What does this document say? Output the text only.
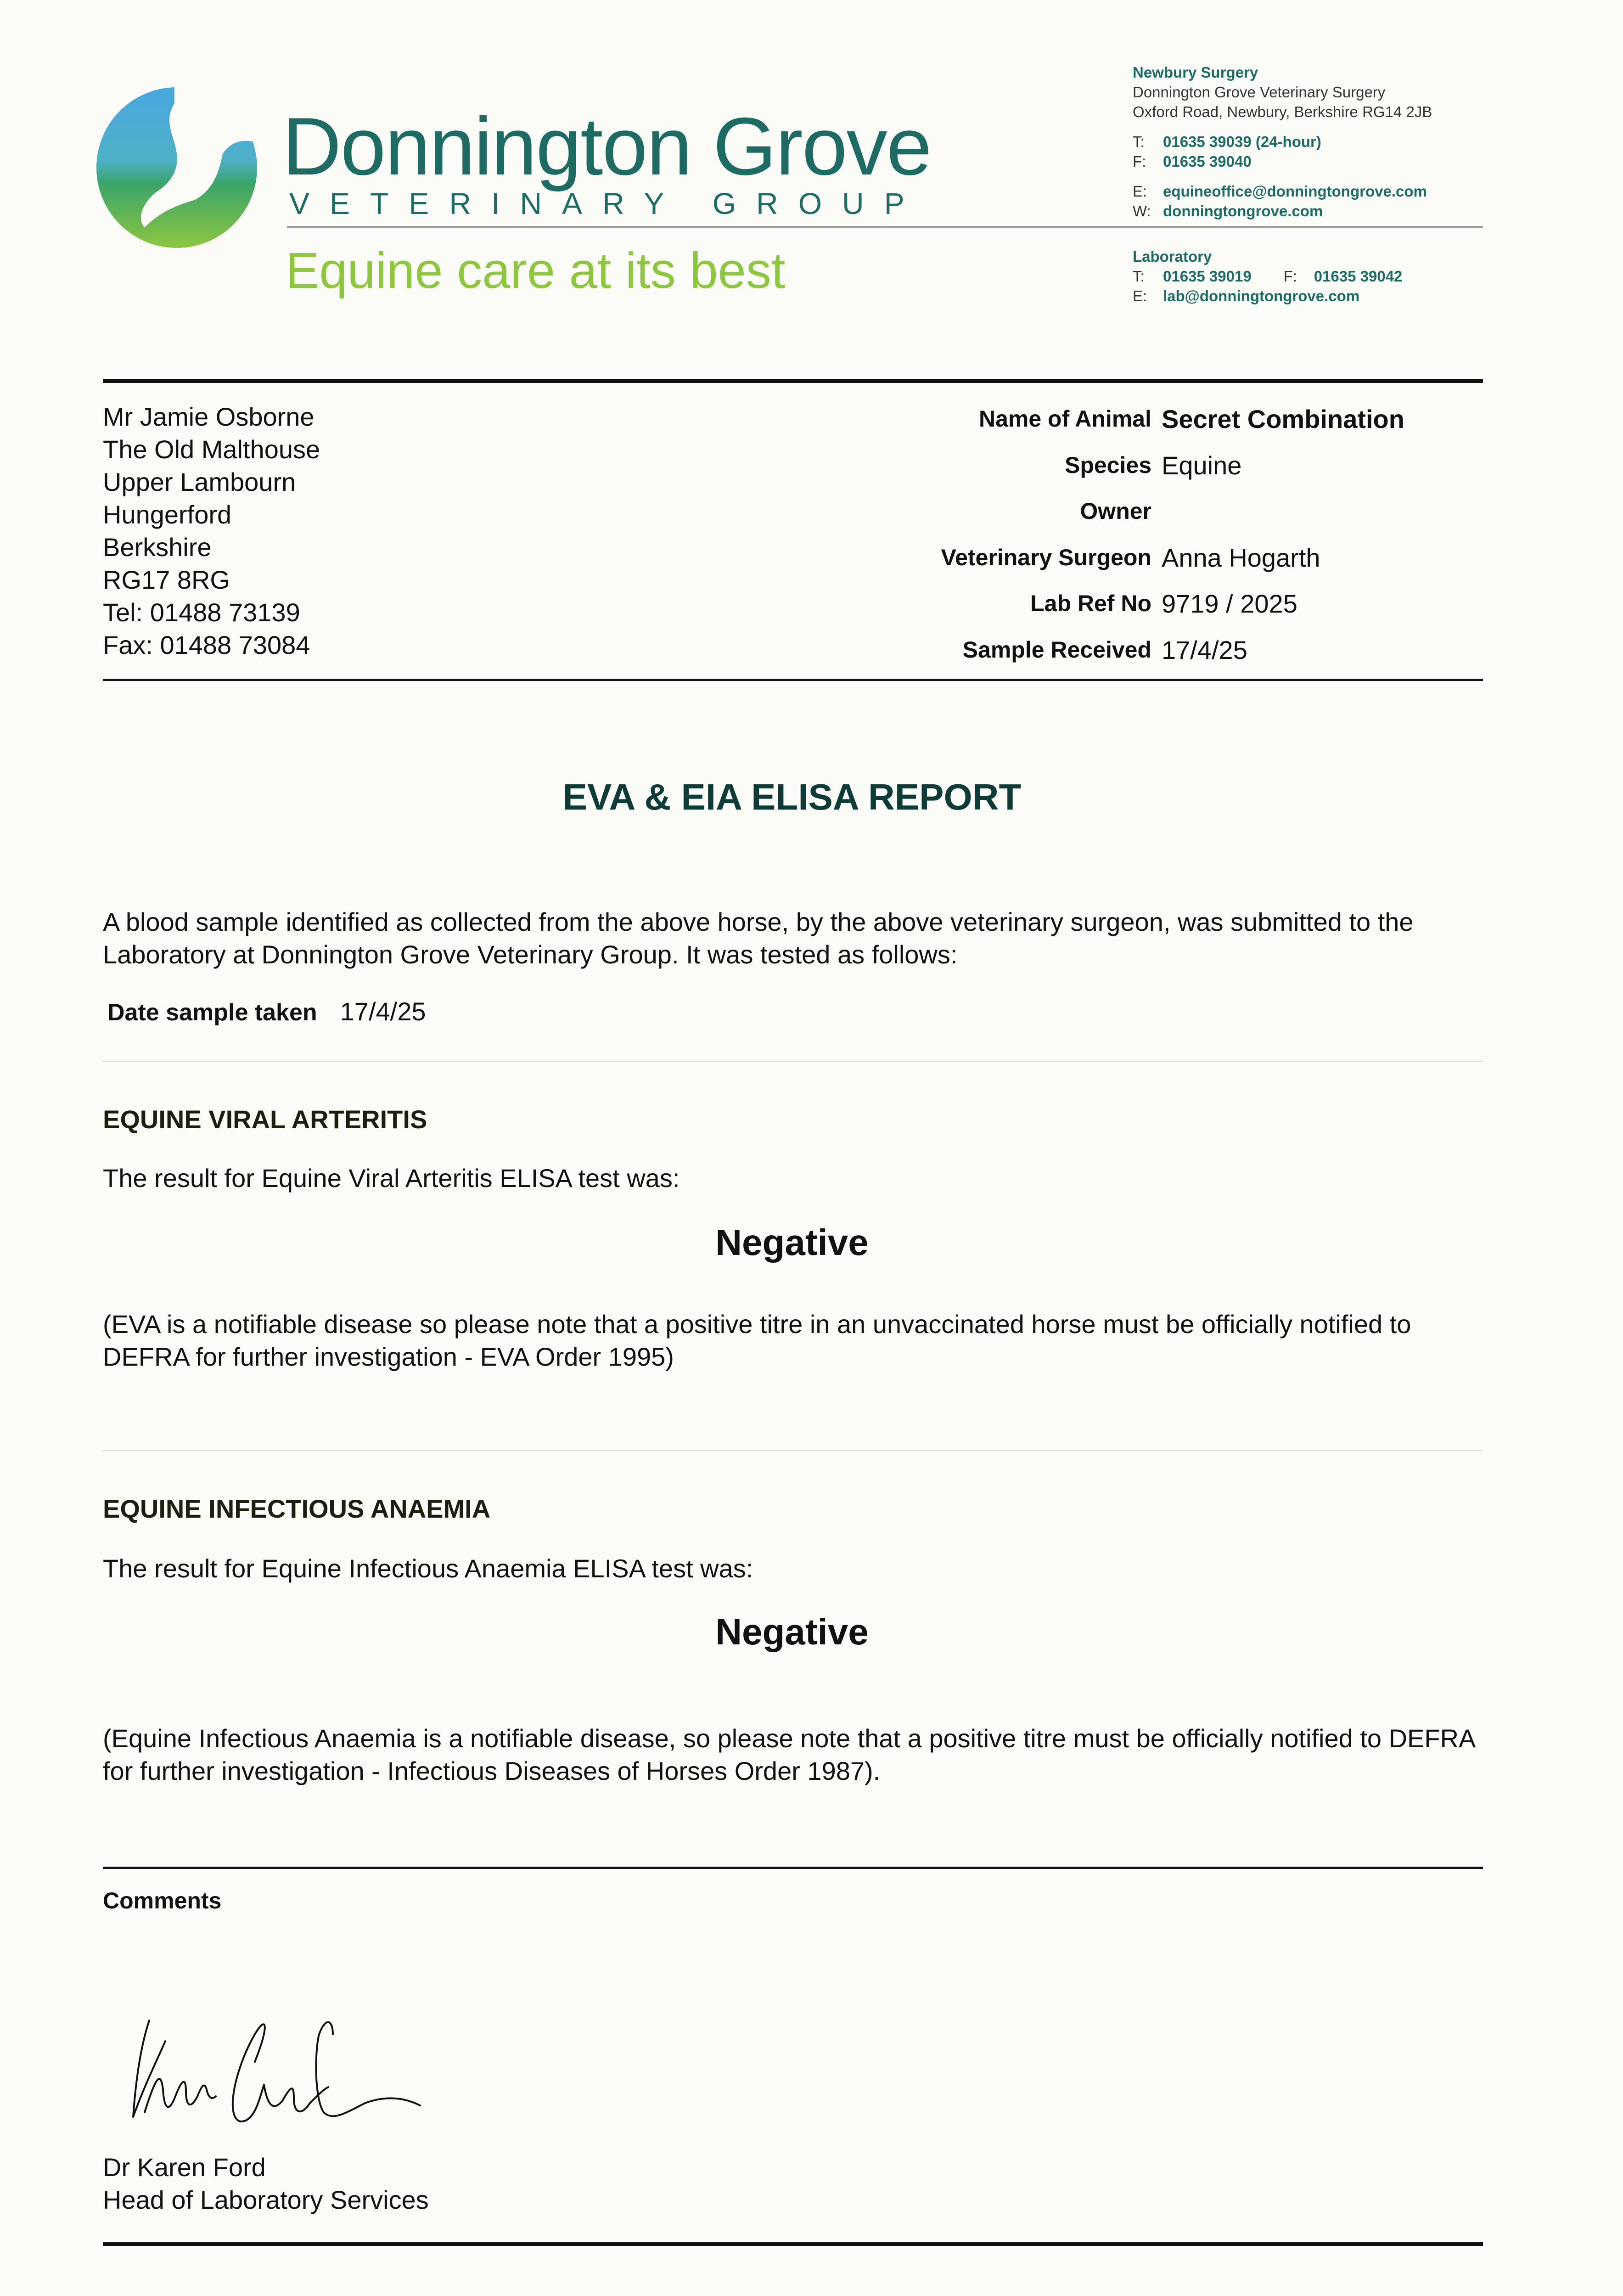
Donnington Grove
VETERINARY GROUP
Equine care at its best
Newbury Surgery
Donnington Grove Veterinary Surgery
Oxford Road, Newbury, Berkshire RG14 2JB
T: 01635 39039 (24-hour)
F: 01635 39040
E: equineoffice@donningtongrove.com
W: donningtongrove.com
Laboratory
T: 01635 39019 F: 01635 39042
E: lab@donningtongrove.com
Mr Jamie Osborne
The Old Malthouse
Upper Lambourn
Hungerford
Berkshire
RG17 8RG
Tel: 01488 73139
Fax: 01488 73084
Name of Animal Secret Combination
Species Equine
Owner
Veterinary Surgeon Anna Hogarth
Lab Ref No 9719 / 2025
Sample Received 17/4/25
EVA & EIA ELISA REPORT
A blood sample identified as collected from the above horse, by the above veterinary surgeon, was submitted to the Laboratory at Donnington Grove Veterinary Group. It was tested as follows:
Date sample taken 17/4/25
EQUINE VIRAL ARTERITIS
The result for Equine Viral Arteritis ELISA test was:
Negative
(EVA is a notifiable disease so please note that a positive titre in an unvaccinated horse must be officially notified to DEFRA for further investigation - EVA Order 1995)
EQUINE INFECTIOUS ANAEMIA
The result for Equine Infectious Anaemia ELISA test was:
Negative
(Equine Infectious Anaemia is a notifiable disease, so please note that a positive titre must be officially notified to DEFRA for further investigation - Infectious Diseases of Horses Order 1987).
Comments
Dr Karen Ford
Head of Laboratory Services
